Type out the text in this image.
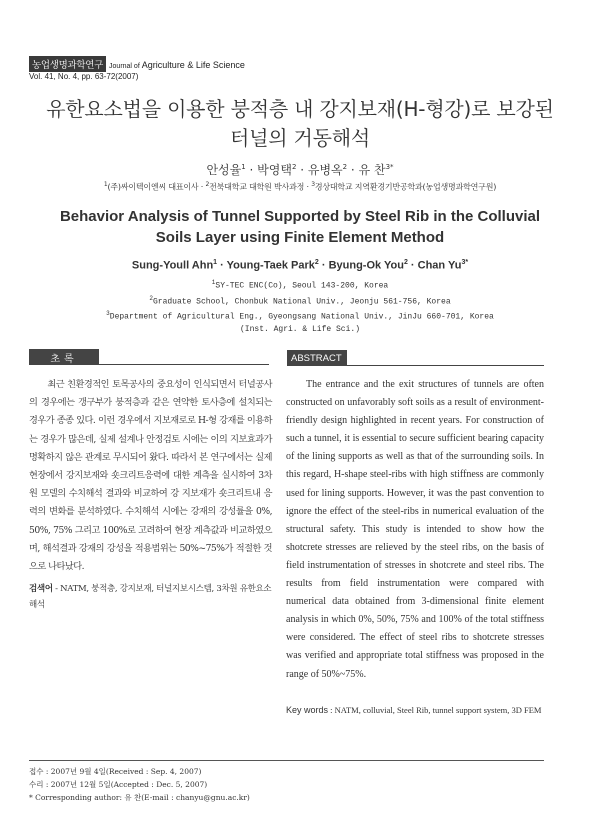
농업생명과학연구 Journal of Agriculture & Life Science
Vol. 41, No. 4, pp. 63-72(2007)
유한요소법을 이용한 붕적층 내 강지보재(H-형강)로 보강된
터널의 거동해석
안성율$^1$ · 박영택$^2$ · 유병옥$^2$ · 유 찬$^{3*}$
$^1$(주)싸이텍이엔씨 대표이사 · $^2$전북대학교 대학원 박사과정 · $^3$경상대학교 지역환경기반공학과(농업생명과학연구원)
Behavior Analysis of Tunnel Supported by Steel Rib in the Colluvial
Soils Layer using Finite Element Method
Sung-Youll Ahn$^1$ · Young-Taek Park$^2$ · Byung-Ok You$^2$ · Chan $Yu^{3*}$
$^1$SY-TEC ENC(Co), Seoul 143-200, Korea
$^2$Graduate School, Chonbuk National Univ., Jeonju 561-756, Korea
$^3$Department of Agricultural Eng., Gyeongsang National Univ., JinJu 660-701, Korea
(Inst. Agri. & Life Sci.)
초록	ABSTRACT

최근 친환경적인 토목공사의 중요성이 인식되면서 터널공사의 경우에는 갱구부가 붕적층과 같은 연약한 토사층에 설치되는 경우가 종종 있다. 이런 경우에서 지보재로로 H-형 강재를 이용하는 경우가 많은데, 실제 설계나 안정검토 시에는 이의 지보효과가 명확하지 않은 관계로 무시되어 왔다. 따라서 본 연구에서는 실제 현장에서 강지보재와 숏크리트응력에 대한 계측을 실시하여 3차원 모델의 수치해석 결과와 비교하여 강 지보재가 숏크리트내 응력의 변화를 분석하였다. 수치해석 시에는 강재의 강성률을 0%, 50%, 75% 그리고 100%로 고려하여 현장 계측값과 비교하였으며, 해석결과 강재의 강성을 적용범위는 50%~75%가 적절한 것으로 나타났다.

검색어 - NATM, 붕적층, 강지보재, 터널지보시스템, 3차원 유한요소해석

The entrance and the exit structures of tunnels are often constructed on unfavorably soft soils as a result of environment-friendly design highlighted in recent years. For construction of such a tunnel, it is essential to secure sufficient bearing capacity of the lining supports as well as that of the surrounding soils. In this regard, H-shape steel-ribs with high stiffness are commonly used for lining supports. However, it was the past convention to ignore the effect of the steel-ribs in numerical evaluation of the structural safety. This study is intended to show how the shotcrete stresses are relieved by the steel ribs, on the basis of field instrumentation of stresses in shotcrete and steel ribs. The results from field instrumentation were compared with numerical data obtained from 3-dimensional finite element analysis in which 0%, 50%, 75% and 100% of the total stiffness were considered. The effect of steel ribs to shotcrete stresses was verified and appropriate total stiffness was proposed in the range of 50%~75%.

Key words : NATM, colluvial, Steel Rib, tunnel support system, 3D FEM
접수 : 2007년 9월 4일(Received : Sep. 4, 2007)
수리 : 2007년 12월 5일(Accepted : Dec. 5, 2007)
* Corresponding author: 유 찬(E-mail : chanyu@gnu.ac.kr)
